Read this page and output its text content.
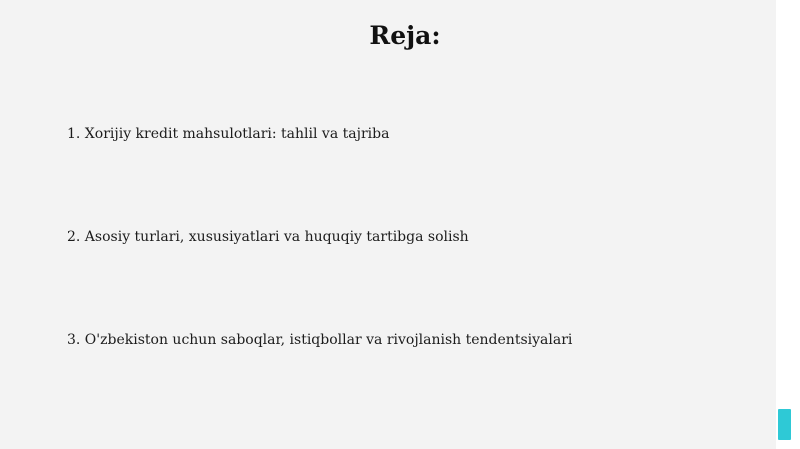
Reja:
1. Xorijiy kredit mahsulotlari: tahlil va tajriba
2. Asosiy turlari, xususiyatlari va huquqiy tartibga solish
3. O'zbekiston uchun saboqlar, istiqbollar va rivojlanish tendentsiyalari
